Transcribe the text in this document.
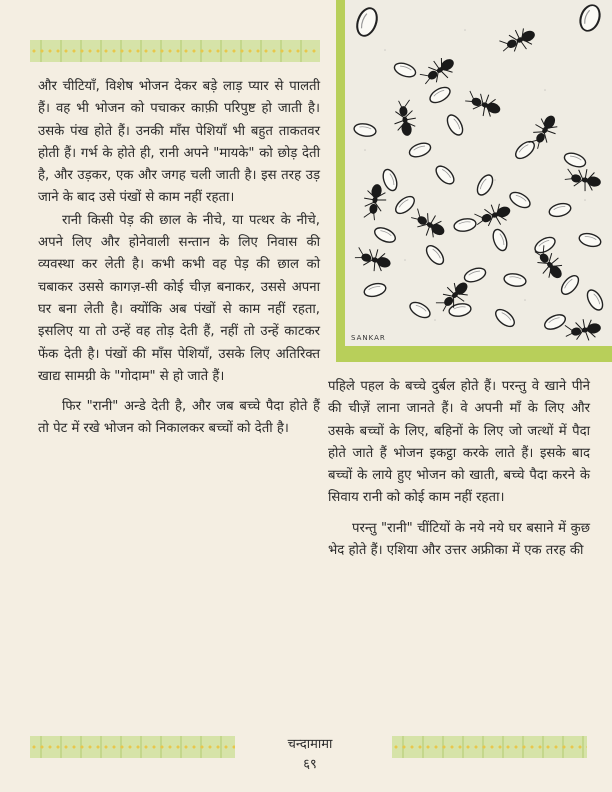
SANKAR

और चीटियाँ, विशेष भोजन देकर बड़े लाड़ प्यार से पालती हैं। वह भी भोजन को पचाकर काफ़ी परिपुष्ट हो जाती है। उसके पंख होते हैं। उनकी माँस पेशियाँ भी बहुत ताकतवर होती हैं। गर्भ के होते ही, रानी अपने "मायके" को छोड़ देती है, और उड़कर, एक और जगह चली जाती है। इस तरह उड़ जाने के बाद उसे पंखों से काम नहीं रहता।

रानी किसी पेड़ की छाल के नीचे, या पत्थर के नीचे, अपने लिए और होनेवाली सन्तान के लिए निवास की व्यवस्था कर लेती है। कभी कभी वह पेड़ की छाल को चबाकर उससे कागज़-सी कोई चीज़ बनाकर, उससे अपना घर बना लेती है। क्योंकि अब पंखों से काम नहीं रहता, इसलिए या तो उन्हें वह तोड़ देती हैं, नहीं तो उन्हें काटकर फेंक देती है। पंखों की माँस पेशियाँ, उसके लिए अतिरिक्त खाद्य सामग्री के "गोदाम" से हो जाते हैं।

फिर "रानी" अन्डे देती है, और जब बच्चे पैदा होते हैं तो पेट में रखे भोजन को निकालकर बच्चों को देती है।

पहिले पहल के बच्चे दुर्बल होते हैं। परन्तु वे खाने पीने की चीज़ें लाना जानते हैं। वे अपनी माँ के लिए और उसके बच्चों के लिए, बहिनों के लिए जो जत्थों में पैदा होते जाते हैं भोजन इकट्ठा करके लाते हैं। इसके बाद बच्चों के लाये हुए भोजन को खाती, बच्चे पैदा करने के सिवाय रानी को कोई काम नहीं रहता।

परन्तु "रानी" चींटियों के नये नये घर बसाने में कुछ भेद होते हैं। एशिया और उत्तर अफ्रीका में एक तरह की

चन्दामामा
६९
